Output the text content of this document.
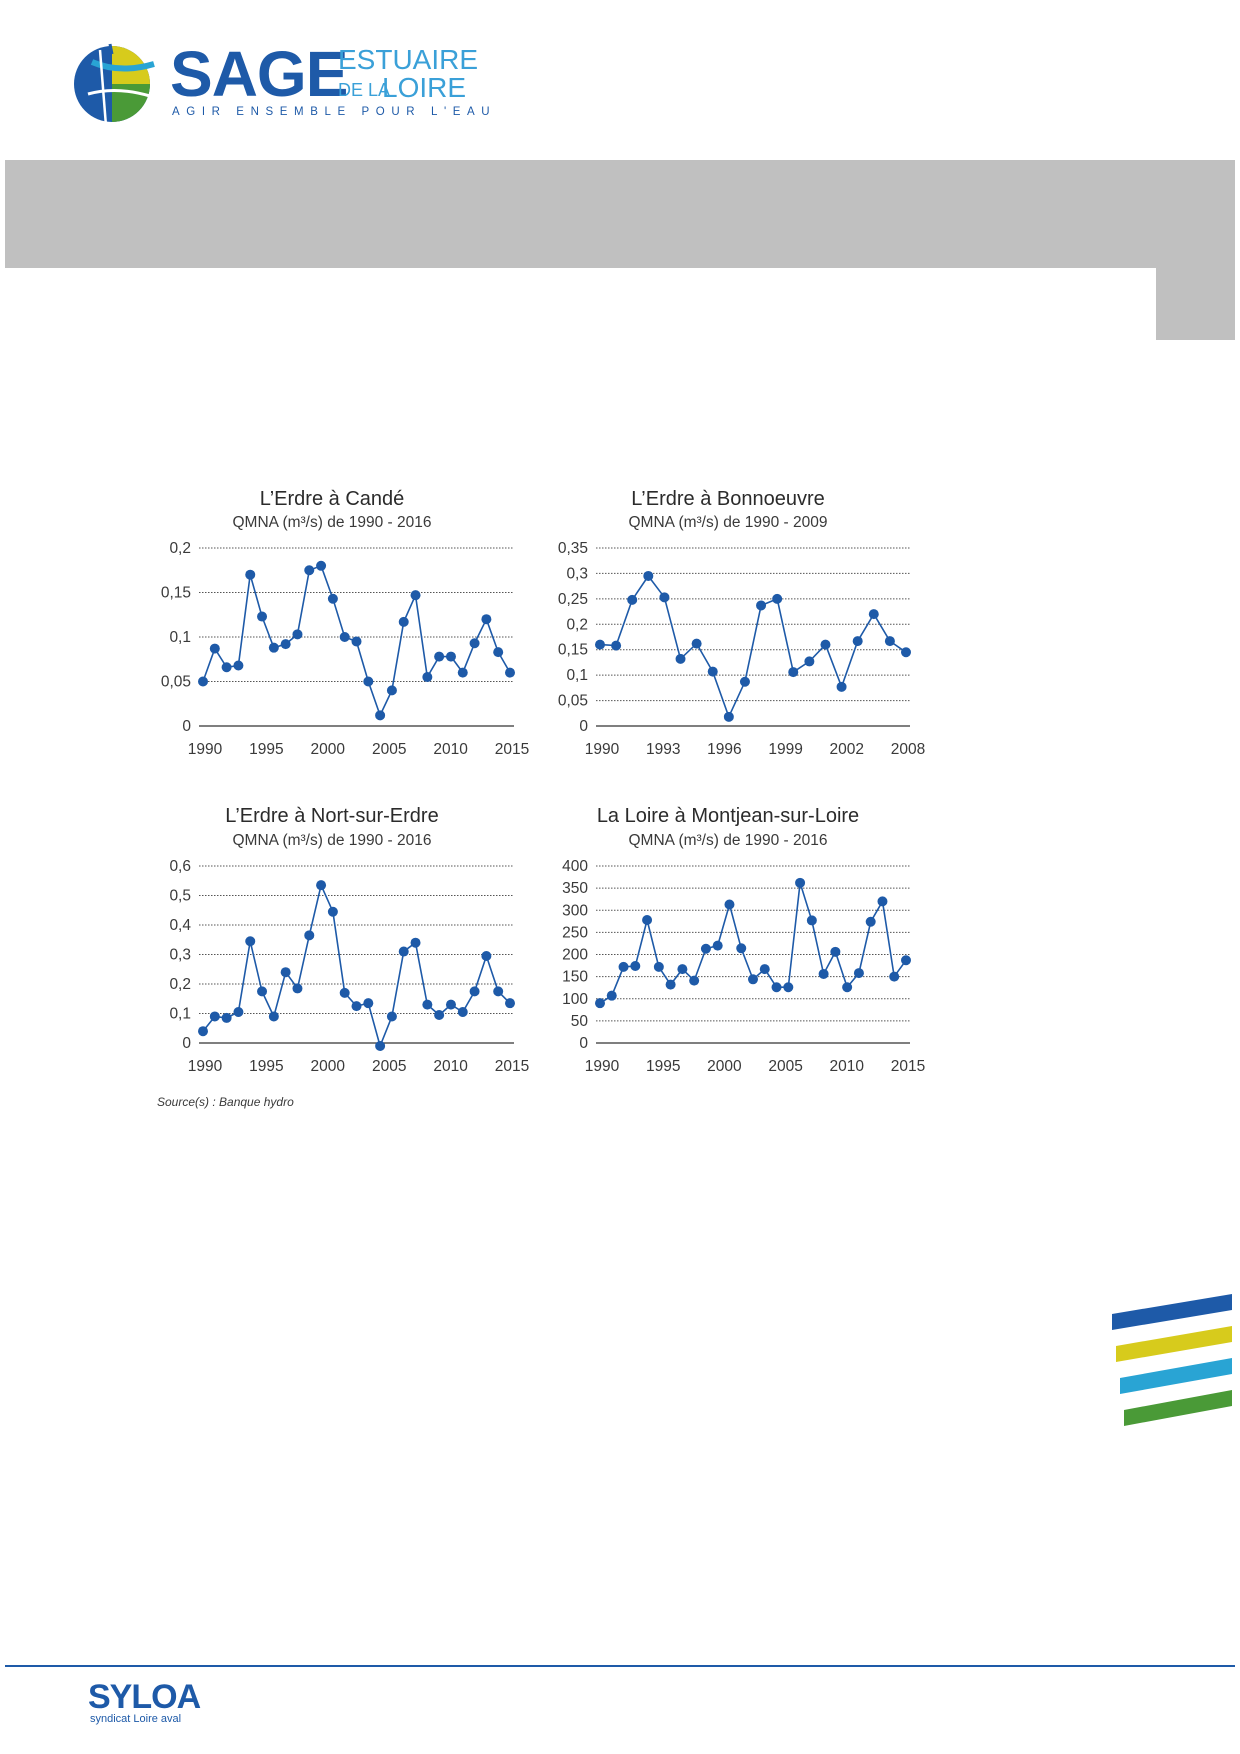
SAGE
ESTUAIRE
DE LA
LOIRE
AGIR ENSEMBLE POUR L'EAU
L’Erdre à Candé
QMNA (m³/s) de 1990 - 2016
0
0,05
0,1
0,15
0,2
1990 1995 2000 2005 2010 2015
L’Erdre à Bonnoeuvre
QMNA (m³/s) de 1990 - 2009
0
0,05
0,1
0,15
0,2
0,25
0,3
0,35
1990 1993 1996 1999 2002 2008
L’Erdre à Nort-sur-Erdre
QMNA (m³/s) de 1990 - 2016
0
0,1
0,2
0,3
0,4
0,5
0,6
1990 1995 2000 2005 2010 2015
La Loire à Montjean-sur-Loire
QMNA (m³/s) de 1990 - 2016
0
50
100
150
200
250
300
350
400
1990 1995 2000 2005 2010 2015
Source(s) : Banque hydro
SYLOA
syndicat Loire aval
